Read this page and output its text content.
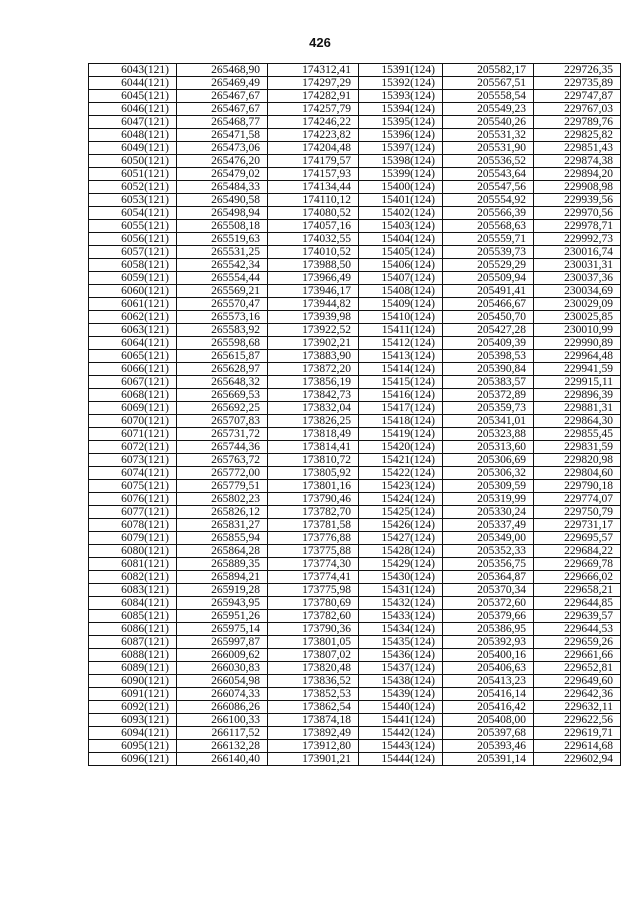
426
6043(121)	265468,90	174312,41	15391(124)	205582,17	229726,35
6044(121)	265469,49	174297,29	15392(124)	205567,51	229735,89
6045(121)	265467,67	174282,91	15393(124)	205558,54	229747,87
6046(121)	265467,67	174257,79	15394(124)	205549,23	229767,03
6047(121)	265468,77	174246,22	15395(124)	205540,26	229789,76
6048(121)	265471,58	174223,82	15396(124)	205531,32	229825,82
6049(121)	265473,06	174204,48	15397(124)	205531,90	229851,43
6050(121)	265476,20	174179,57	15398(124)	205536,52	229874,38
6051(121)	265479,02	174157,93	15399(124)	205543,64	229894,20
6052(121)	265484,33	174134,44	15400(124)	205547,56	229908,98
6053(121)	265490,58	174110,12	15401(124)	205554,92	229939,56
6054(121)	265498,94	174080,52	15402(124)	205566,39	229970,56
6055(121)	265508,18	174057,16	15403(124)	205568,63	229978,71
6056(121)	265519,63	174032,55	15404(124)	205559,71	229992,73
6057(121)	265531,25	174010,52	15405(124)	205539,73	230016,74
6058(121)	265542,34	173988,50	15406(124)	205529,29	230031,31
6059(121)	265554,44	173966,49	15407(124)	205509,94	230037,36
6060(121)	265569,21	173946,17	15408(124)	205491,41	230034,69
6061(121)	265570,47	173944,82	15409(124)	205466,67	230029,09
6062(121)	265573,16	173939,98	15410(124)	205450,70	230025,85
6063(121)	265583,92	173922,52	15411(124)	205427,28	230010,99
6064(121)	265598,68	173902,21	15412(124)	205409,39	229990,89
6065(121)	265615,87	173883,90	15413(124)	205398,53	229964,48
6066(121)	265628,97	173872,20	15414(124)	205390,84	229941,59
6067(121)	265648,32	173856,19	15415(124)	205383,57	229915,11
6068(121)	265669,53	173842,73	15416(124)	205372,89	229896,39
6069(121)	265692,25	173832,04	15417(124)	205359,73	229881,31
6070(121)	265707,83	173826,25	15418(124)	205341,01	229864,30
6071(121)	265731,72	173818,49	15419(124)	205323,88	229855,45
6072(121)	265744,36	173814,41	15420(124)	205313,60	229831,59
6073(121)	265763,72	173810,72	15421(124)	205306,69	229820,98
6074(121)	265772,00	173805,92	15422(124)	205306,32	229804,60
6075(121)	265779,51	173801,16	15423(124)	205309,59	229790,18
6076(121)	265802,23	173790,46	15424(124)	205319,99	229774,07
6077(121)	265826,12	173782,70	15425(124)	205330,24	229750,79
6078(121)	265831,27	173781,58	15426(124)	205337,49	229731,17
6079(121)	265855,94	173776,88	15427(124)	205349,00	229695,57
6080(121)	265864,28	173775,88	15428(124)	205352,33	229684,22
6081(121)	265889,35	173774,30	15429(124)	205356,75	229669,78
6082(121)	265894,21	173774,41	15430(124)	205364,87	229666,02
6083(121)	265919,28	173775,98	15431(124)	205370,34	229658,21
6084(121)	265943,95	173780,69	15432(124)	205372,60	229644,85
6085(121)	265951,26	173782,60	15433(124)	205379,66	229639,57
6086(121)	265975,14	173790,36	15434(124)	205386,95	229644,53
6087(121)	265997,87	173801,05	15435(124)	205392,93	229659,26
6088(121)	266009,62	173807,02	15436(124)	205400,16	229661,66
6089(121)	266030,83	173820,48	15437(124)	205406,63	229652,81
6090(121)	266054,98	173836,52	15438(124)	205413,23	229649,60
6091(121)	266074,33	173852,53	15439(124)	205416,14	229642,36
6092(121)	266086,26	173862,54	15440(124)	205416,42	229632,11
6093(121)	266100,33	173874,18	15441(124)	205408,00	229622,56
6094(121)	266117,52	173892,49	15442(124)	205397,68	229619,71
6095(121)	266132,28	173912,80	15443(124)	205393,46	229614,68
6096(121)	266140,40	173901,21	15444(124)	205391,14	229602,94
